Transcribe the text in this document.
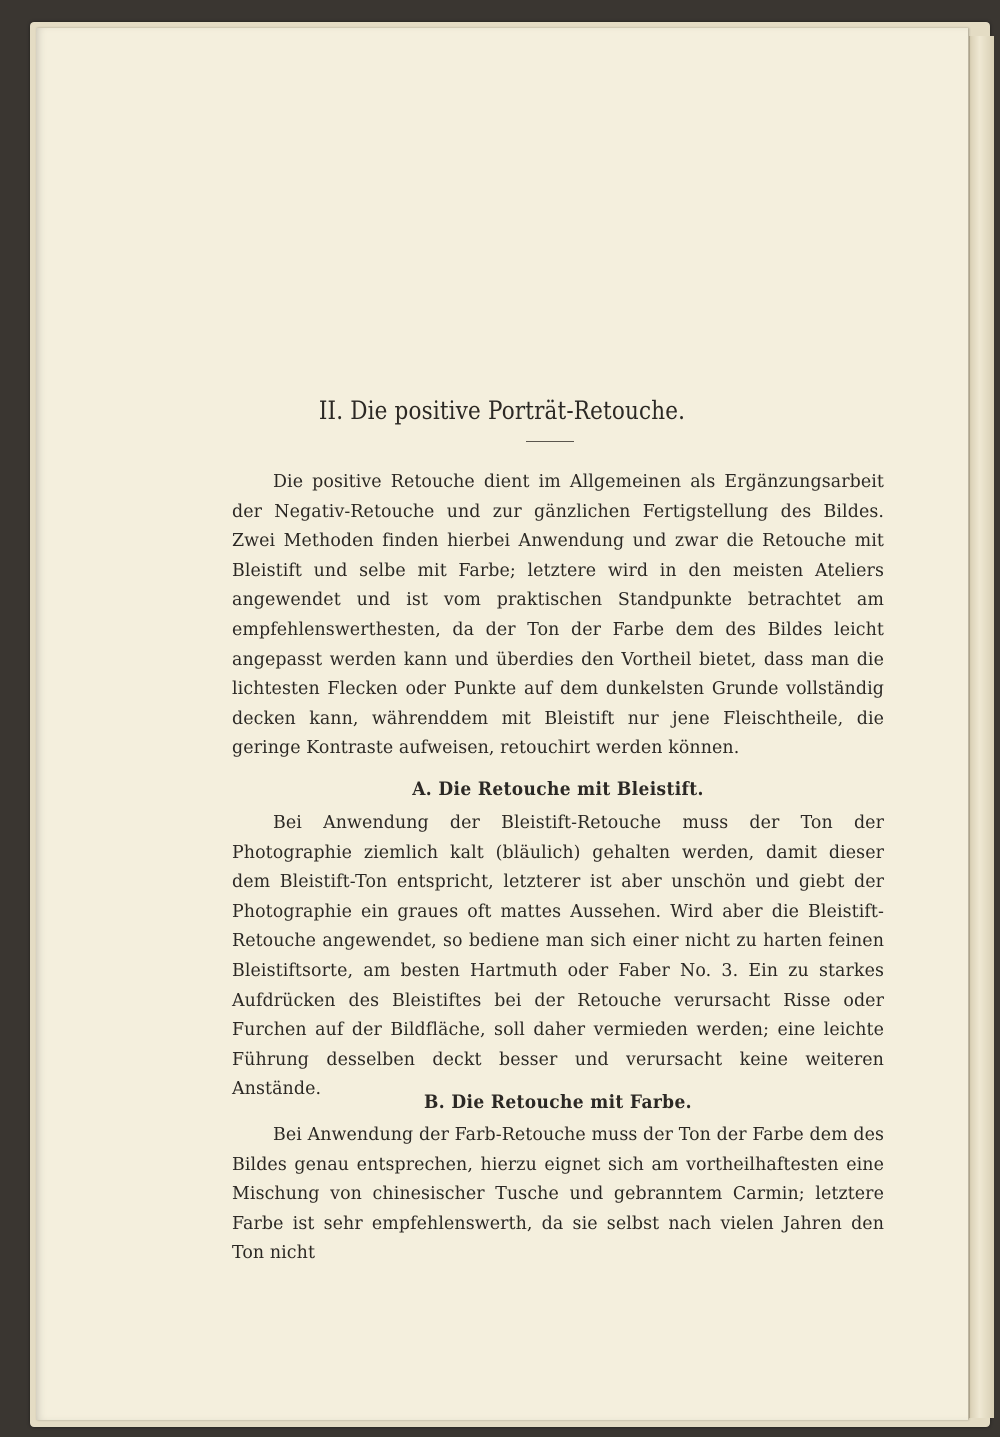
II. Die positive Porträt-Retouche.

Die positive Retouche dient im Allgemeinen als Ergänzungsarbeit der Negativ-Retouche und zur gänzlichen Fertigstellung des Bildes. Zwei Methoden finden hierbei Anwendung und zwar die Retouche mit Bleistift und selbe mit Farbe; letztere wird in den meisten Ateliers angewendet und ist vom praktischen Standpunkte betrachtet am empfehlenswerthesten, da der Ton der Farbe dem des Bildes leicht angepasst werden kann und überdies den Vortheil bietet, dass man die lichtesten Flecken oder Punkte auf dem dunkelsten Grunde vollständig decken kann, währenddem mit Bleistift nur jene Fleischtheile, die geringe Kontraste aufweisen, retouchirt werden können.

A. Die Retouche mit Bleistift.

Bei Anwendung der Bleistift-Retouche muss der Ton der Photographie ziemlich kalt (bläulich) gehalten werden, damit dieser dem Bleistift-Ton entspricht, letzterer ist aber unschön und giebt der Photographie ein graues oft mattes Aussehen. Wird aber die Bleistift-Retouche angewendet, so bediene man sich einer nicht zu harten feinen Bleistiftsorte, am besten Hartmuth oder Faber No. 3. Ein zu starkes Aufdrücken des Bleistiftes bei der Retouche verursacht Risse oder Furchen auf der Bildfläche, soll daher vermieden werden; eine leichte Führung desselben deckt besser und verursacht keine weiteren Anstände.

B. Die Retouche mit Farbe.

Bei Anwendung der Farb-Retouche muss der Ton der Farbe dem des Bildes genau entsprechen, hierzu eignet sich am vortheilhaftesten eine Mischung von chinesischer Tusche und gebranntem Carmin; letztere Farbe ist sehr empfehlenswerth, da sie selbst nach vielen Jahren den Ton nicht
